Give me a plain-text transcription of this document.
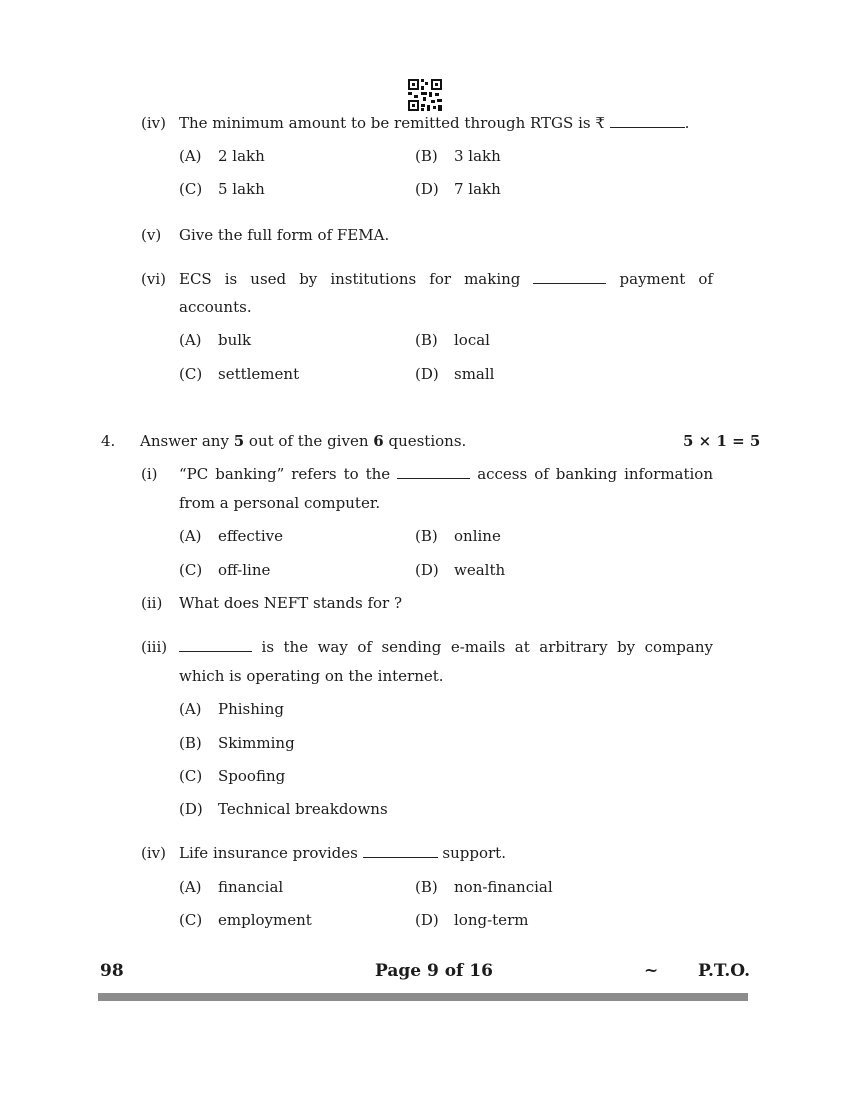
(iv) The minimum amount to be remitted through RTGS is ₹	.
(A) 2 lakh	(B) 3 lakh
(C) 5 lakh	(D) 7 lakh
(v) Give the full form of FEMA.
(vi) ECS is used by institutions for making	payment of
accounts.
(A) bulk	(B) local
(C) settlement	(D) small
4. Answer any 5 out of the given 6 questions.	5 × 1 = 5
(i) “PC banking” refers to the	access of banking information
from a personal computer.
(A) effective	(B) online
(C) off-line	(D) wealth
(ii) What does NEFT stands for ?
(iii)	is the way of sending e-mails at arbitrary by company
which is operating on the internet.
(A) Phishing
(B) Skimming
(C) Spoofing
(D) Technical breakdowns
(iv) Life insurance provides	support.
(A) financial	(B) non-financial
(C) employment	(D) long-term
98	Page 9 of 16	~ P.T.O.
